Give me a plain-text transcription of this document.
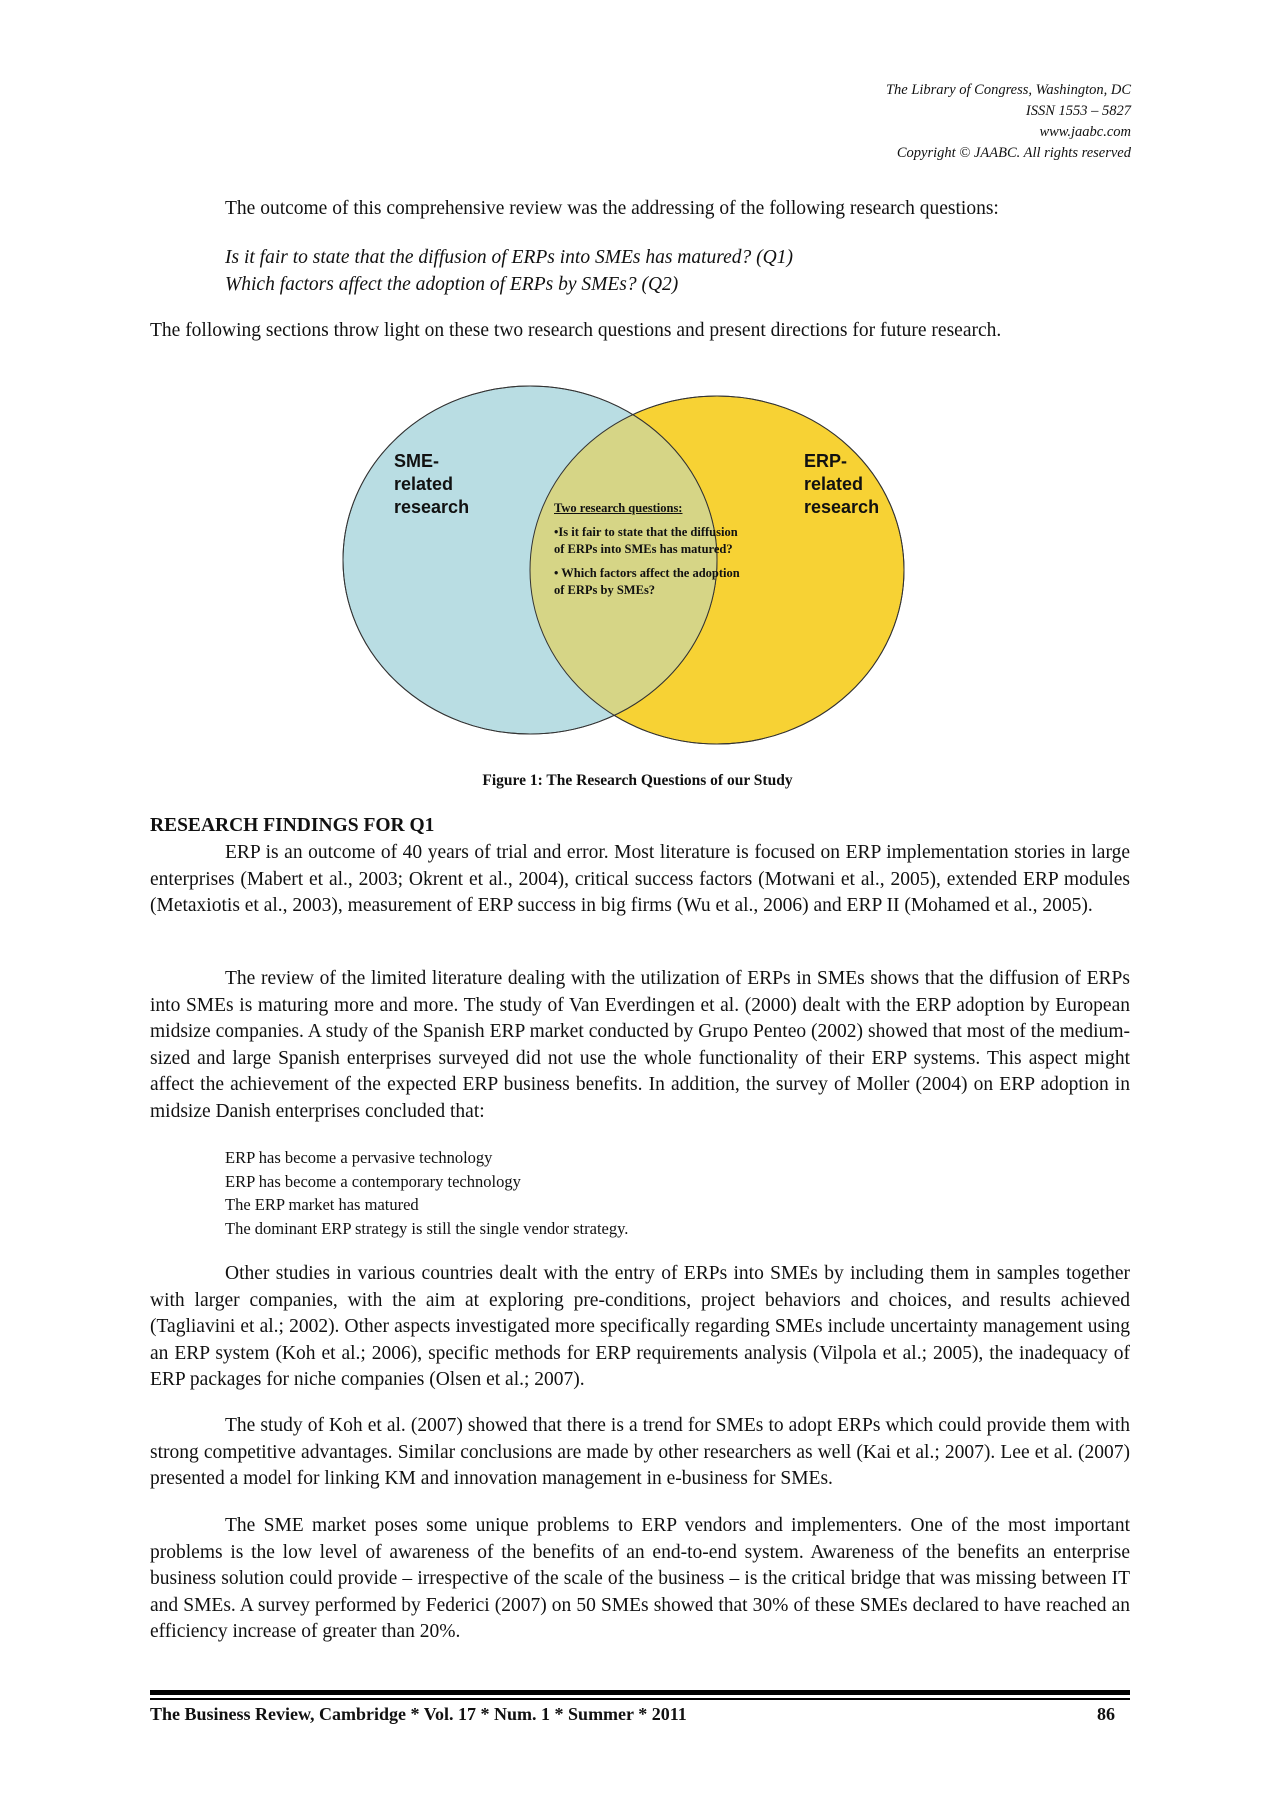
The Library of Congress, Washington, DC
ISSN 1553 – 5827
www.jaabc.com
Copyright © JAABC. All rights reserved
The outcome of this comprehensive review was the addressing of the following research questions:
Is it fair to state that the diffusion of ERPs into SMEs has matured? (Q1)
Which factors affect the adoption of ERPs by SMEs? (Q2)
The following sections throw light on these two research questions and present directions for future research.
SME-
related
research
ERP-
related
research
Two research questions:
•Is it fair to state that the diffusion of ERPs into SMEs has matured?
• Which factors affect the adoption of ERPs by SMEs?
Figure 1: The Research Questions of our Study
RESEARCH FINDINGS FOR Q1

ERP is an outcome of 40 years of trial and error. Most literature is focused on ERP implementation stories in large enterprises (Mabert et al., 2003; Okrent et al., 2004), critical success factors (Motwani et al., 2005), extended ERP modules (Metaxiotis et al., 2003), measurement of ERP success in big firms (Wu et al., 2006) and ERP II (Mohamed et al., 2005).

The review of the limited literature dealing with the utilization of ERPs in SMEs shows that the diffusion of ERPs into SMEs is maturing more and more. The study of Van Everdingen et al. (2000) dealt with the ERP adoption by European midsize companies. A study of the Spanish ERP market conducted by Grupo Penteo (2002) showed that most of the medium-sized and large Spanish enterprises surveyed did not use the whole functionality of their ERP systems. This aspect might affect the achievement of the expected ERP business benefits. In addition, the survey of Moller (2004) on ERP adoption in midsize Danish enterprises concluded that:

ERP has become a pervasive technology
ERP has become a contemporary technology
The ERP market has matured
The dominant ERP strategy is still the single vendor strategy.

Other studies in various countries dealt with the entry of ERPs into SMEs by including them in samples together with larger companies, with the aim at exploring pre-conditions, project behaviors and choices, and results achieved (Tagliavini et al.; 2002). Other aspects investigated more specifically regarding SMEs include uncertainty management using an ERP system (Koh et al.; 2006), specific methods for ERP requirements analysis (Vilpola et al.; 2005), the inadequacy of ERP packages for niche companies (Olsen et al.; 2007).

The study of Koh et al. (2007) showed that there is a trend for SMEs to adopt ERPs which could provide them with strong competitive advantages. Similar conclusions are made by other researchers as well (Kai et al.; 2007). Lee et al. (2007) presented a model for linking KM and innovation management in e-business for SMEs.

The SME market poses some unique problems to ERP vendors and implementers. One of the most important problems is the low level of awareness of the benefits of an end-to-end system. Awareness of the benefits an enterprise business solution could provide – irrespective of the scale of the business – is the critical bridge that was missing between IT and SMEs. A survey performed by Federici (2007) on 50 SMEs showed that 30% of these SMEs declared to have reached an efficiency increase of greater than 20%.

The Business Review, Cambridge * Vol. 17 * Num. 1 * Summer * 2011	86
